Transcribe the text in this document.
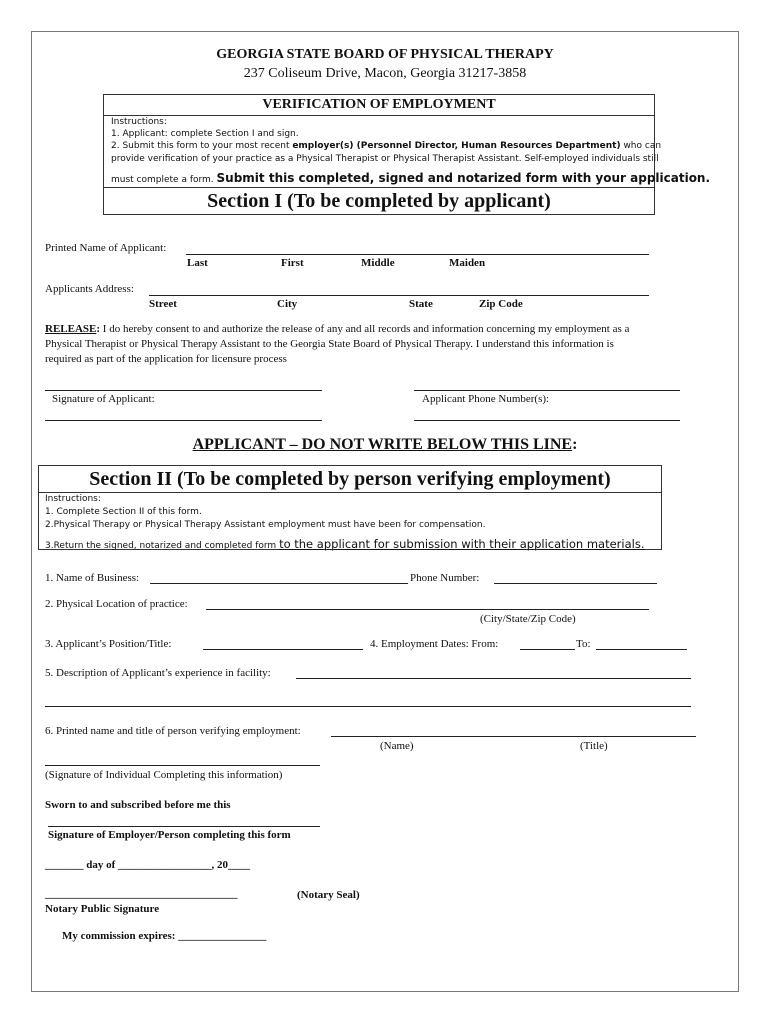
GEORGIA STATE BOARD OF PHYSICAL THERAPY
237 Coliseum Drive, Macon, Georgia 31217-3858
VERIFICATION OF EMPLOYMENT
Instructions:
1. Applicant: complete Section I and sign.
2. Submit this form to your most recent employer(s) (Personnel Director, Human Resources Department) who can
provide verification of your practice as a Physical Therapist or Physical Therapist Assistant. Self-employed individuals still
must complete a form. Submit this completed, signed and notarized form with your application.
Section I (To be completed by applicant)
Printed Name of Applicant:
Last	First	Middle	Maiden
Applicants Address:
Street	City	State	Zip Code
RELEASE: I do hereby consent to and authorize the release of any and all records and information concerning my employment as a
Physical Therapist or Physical Therapy Assistant to the Georgia State Board of Physical Therapy. I understand this information is
required as part of the application for licensure process
Signature of Applicant:	Applicant Phone Number(s):
APPLICANT – DO NOT WRITE BELOW THIS LINE:
Section II (To be completed by person verifying employment)
Instructions:
1. Complete Section II of this form.
2.Physical Therapy or Physical Therapy Assistant employment must have been for compensation.
3.Return the signed, notarized and completed form to the applicant for submission with their application materials.
1. Name of Business:	Phone Number:
2. Physical Location of practice:
(City/State/Zip Code)
3. Applicant’s Position/Title:	4. Employment Dates: From:	To:
5. Description of Applicant’s experience in facility:
6. Printed name and title of person verifying employment:
(Name)	(Title)
(Signature of Individual Completing this information)
Sworn to and subscribed before me this
Signature of Employer/Person completing this form
_______ day of _________________, 20____
___________________________________	(Notary Seal)
Notary Public Signature
My commission expires: ________________
